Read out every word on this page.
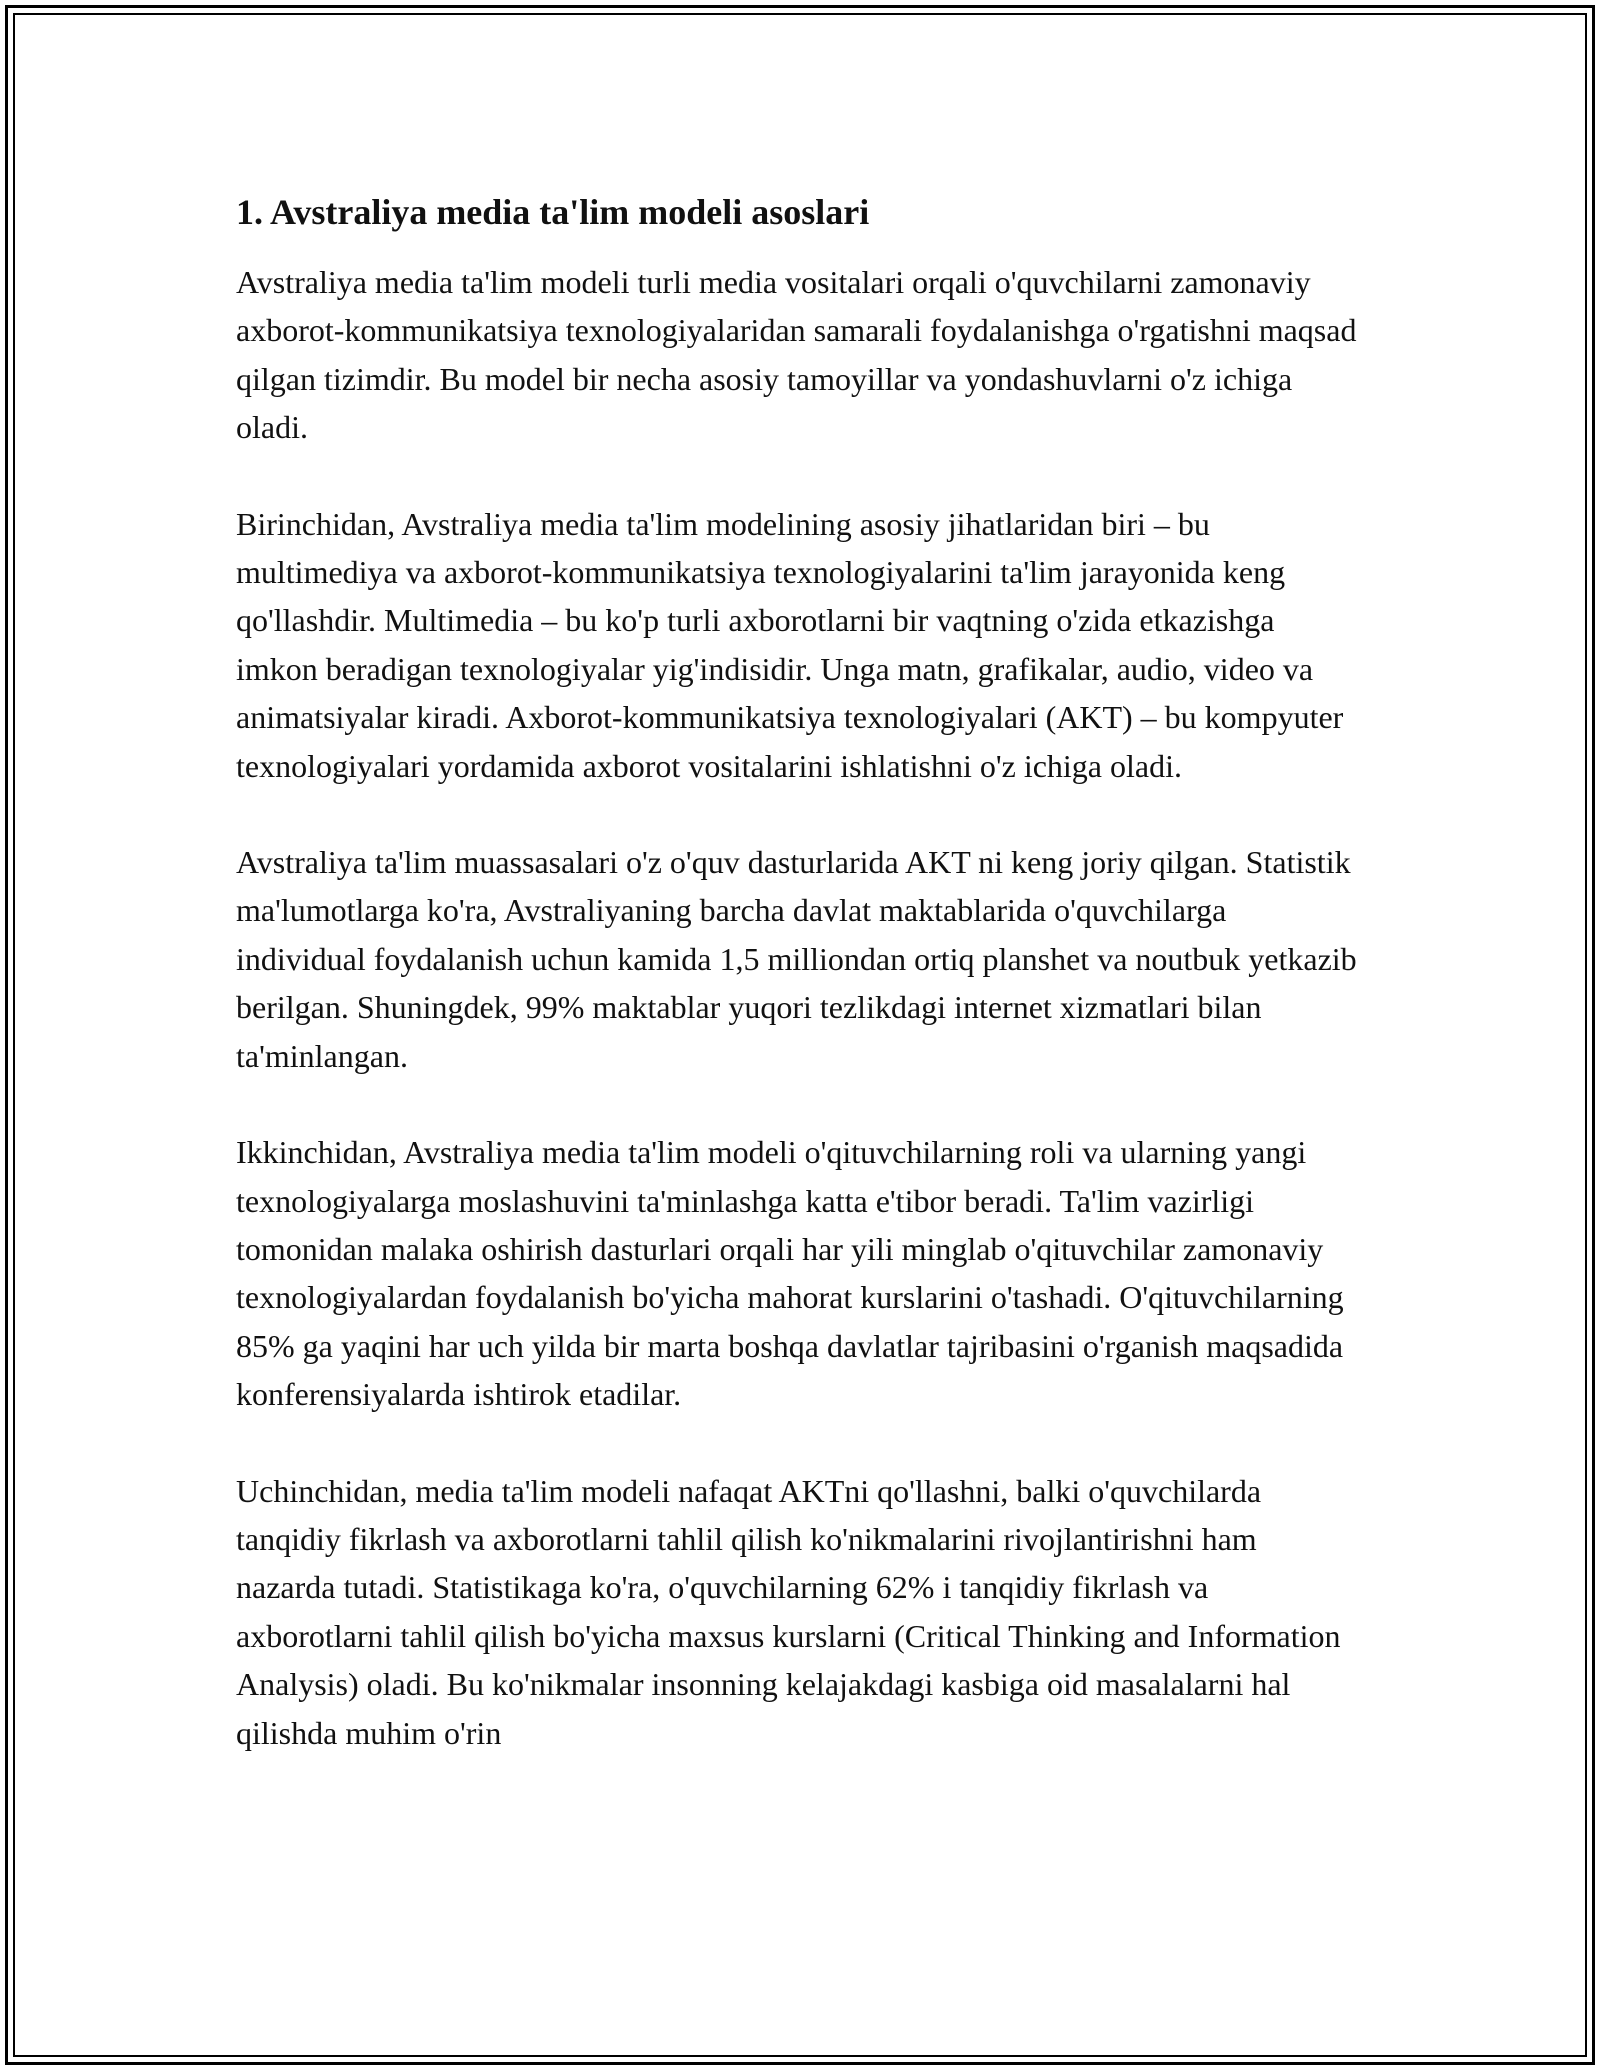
1. Avstraliya media ta'lim modeli asoslari

Avstraliya media ta'lim modeli turli media vositalari orqali o'quvchilarni zamonaviy axborot-kommunikatsiya texnologiyalaridan samarali foydalanishga o'rgatishni maqsad qilgan tizimdir. Bu model bir necha asosiy tamoyillar va yondashuvlarni o'z ichiga oladi.

Birinchidan, Avstraliya media ta'lim modelining asosiy jihatlaridan biri – bu multimediya va axborot-kommunikatsiya texnologiyalarini ta'lim jarayonida keng qo'llashdir. Multimedia – bu ko'p turli axborotlarni bir vaqtning o'zida etkazishga imkon beradigan texnologiyalar yig'indisidir. Unga matn, grafikalar, audio, video va animatsiyalar kiradi. Axborot-kommunikatsiya texnologiyalari (AKT) – bu kompyuter texnologiyalari yordamida axborot vositalarini ishlatishni o'z ichiga oladi.

Avstraliya ta'lim muassasalari o'z o'quv dasturlarida AKT ni keng joriy qilgan. Statistik ma'lumotlarga ko'ra, Avstraliyaning barcha davlat maktablarida o'quvchilarga individual foydalanish uchun kamida 1,5 milliondan ortiq planshet va noutbuk yetkazib berilgan. Shuningdek, 99% maktablar yuqori tezlikdagi internet xizmatlari bilan ta'minlangan.

Ikkinchidan, Avstraliya media ta'lim modeli o'qituvchilarning roli va ularning yangi texnologiyalarga moslashuvini ta'minlashga katta e'tibor beradi. Ta'lim vazirligi tomonidan malaka oshirish dasturlari orqali har yili minglab o'qituvchilar zamonaviy texnologiyalardan foydalanish bo'yicha mahorat kurslarini o'tashadi. O'qituvchilarning 85% ga yaqini har uch yilda bir marta boshqa davlatlar tajribasini o'rganish maqsadida konferensiyalarda ishtirok etadilar.

Uchinchidan, media ta'lim modeli nafaqat AKTni qo'llashni, balki o'quvchilarda tanqidiy fikrlash va axborotlarni tahlil qilish ko'nikmalarini rivojlantirishni ham nazarda tutadi. Statistikaga ko'ra, o'quvchilarning 62% i tanqidiy fikrlash va axborotlarni tahlil qilish bo'yicha maxsus kurslarni (Critical Thinking and Information Analysis) oladi. Bu ko'nikmalar insonning kelajakdagi kasbiga oid masalalarni hal qilishda muhim o'rin
